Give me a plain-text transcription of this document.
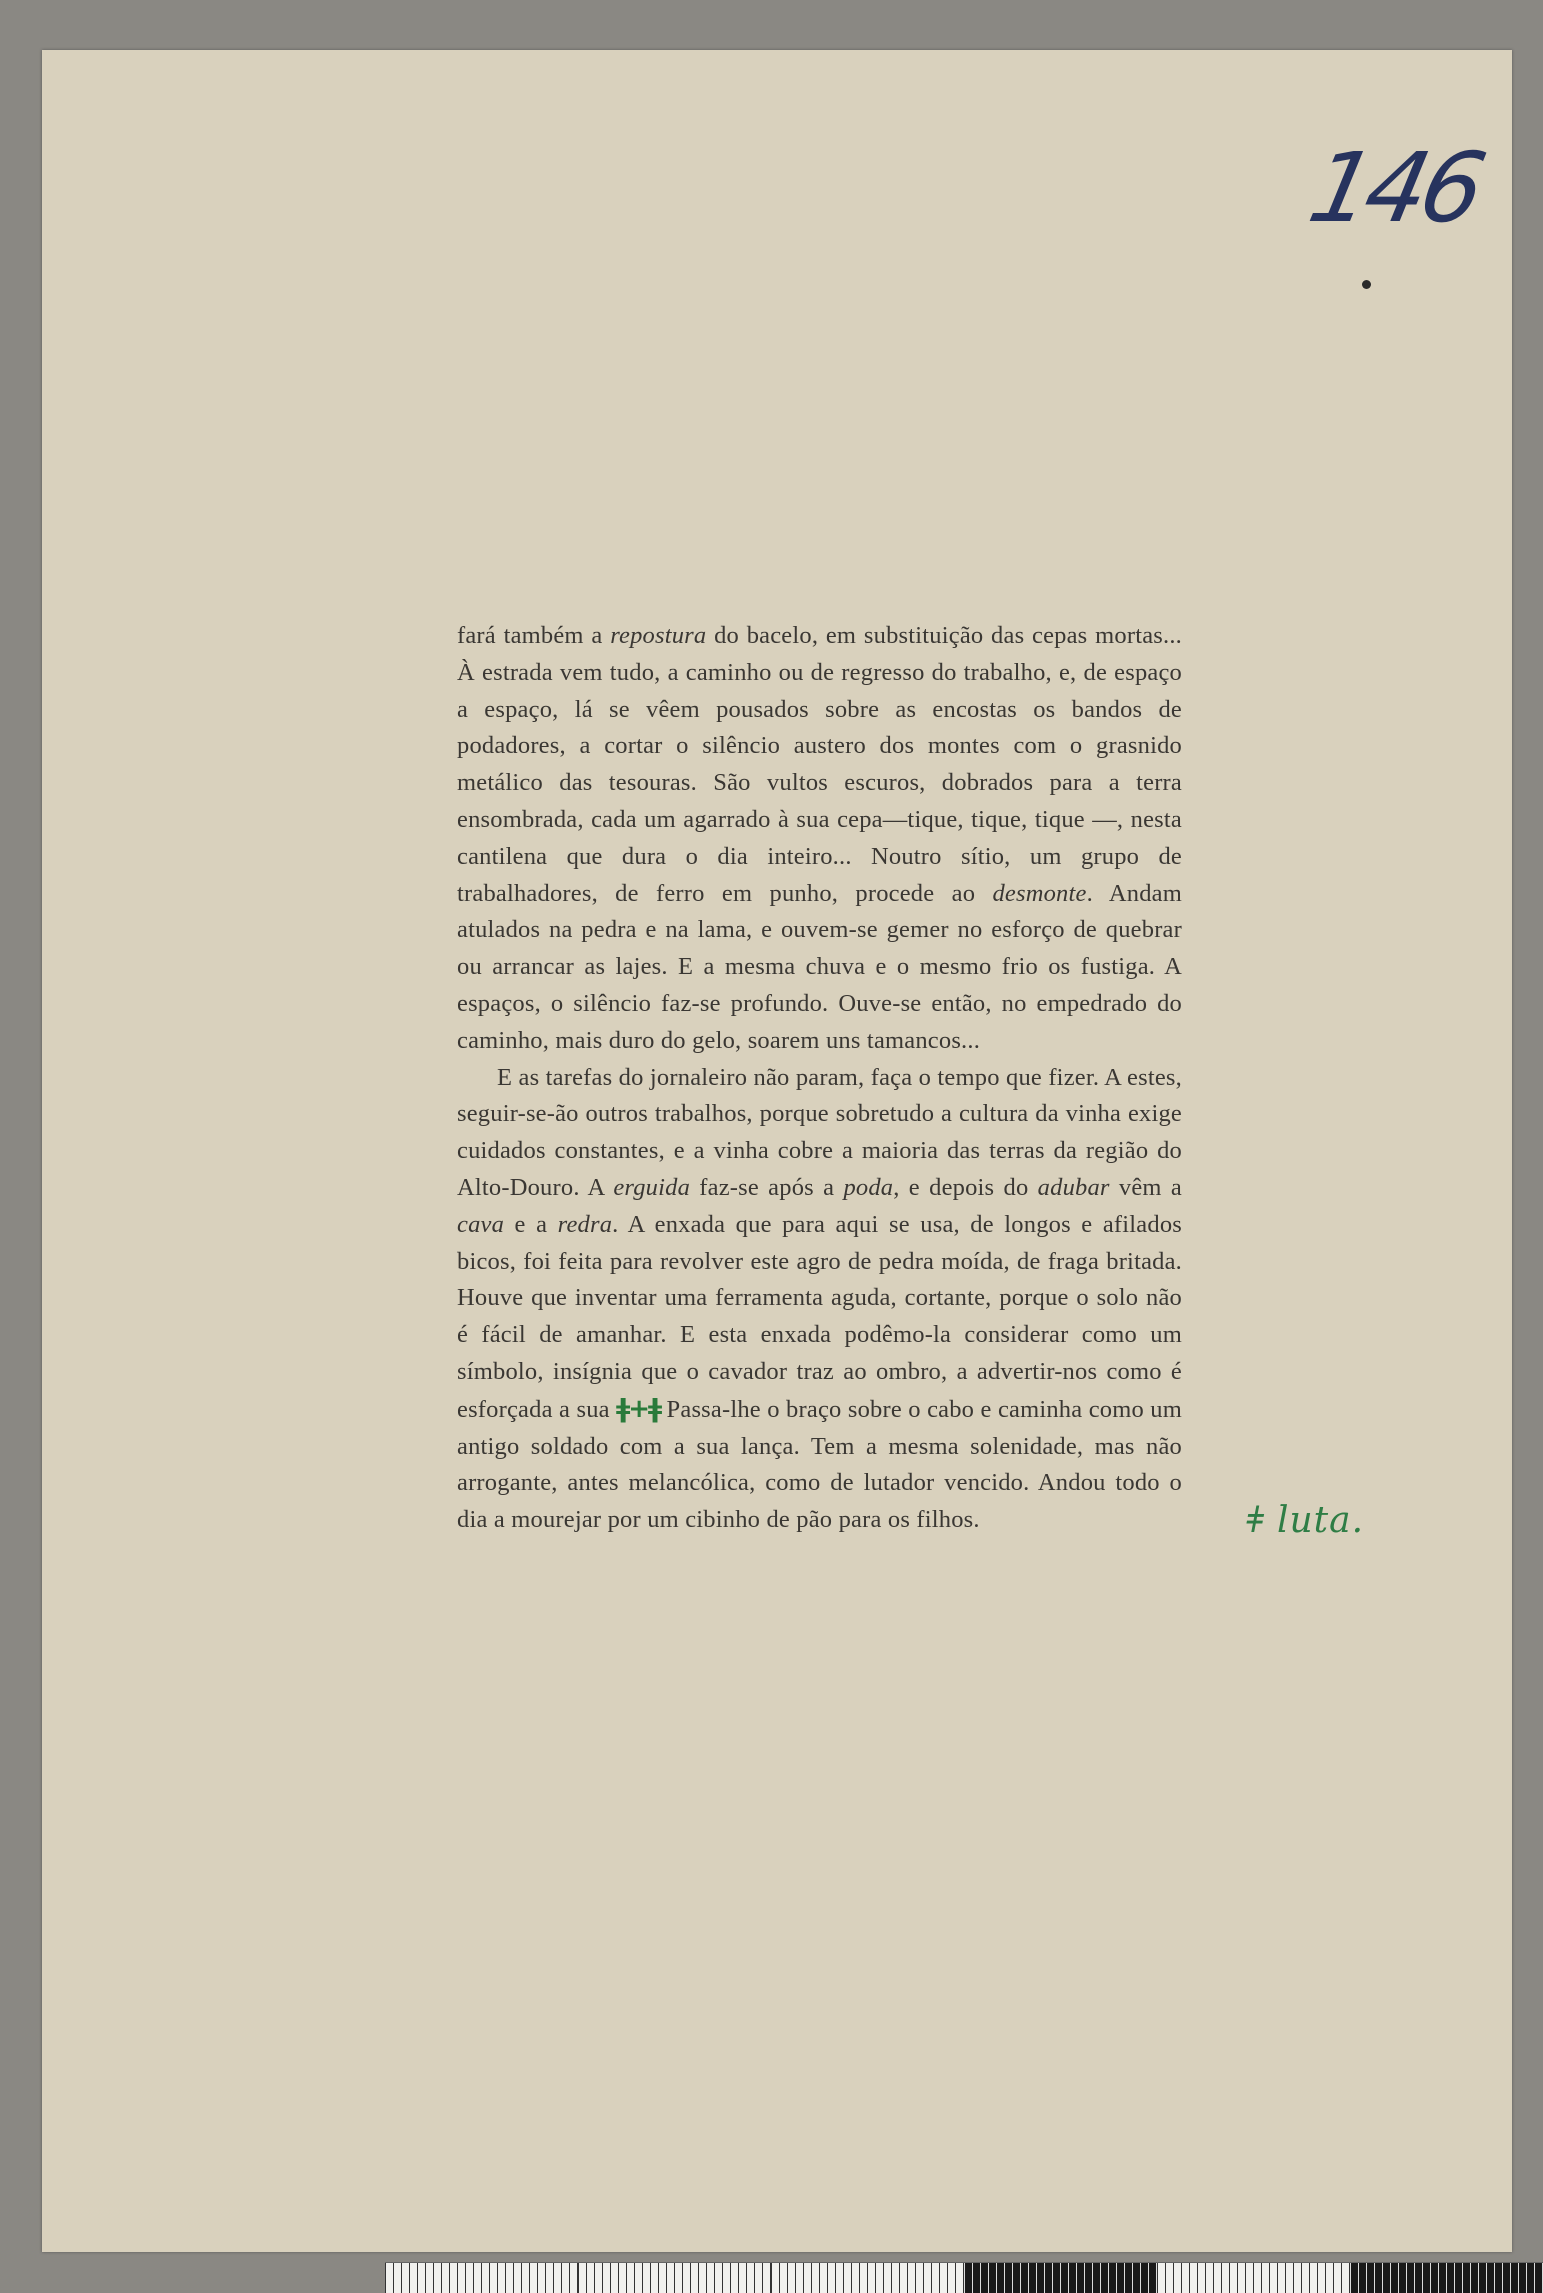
146

fará também a repostura do bacelo, em substituição das cepas mortas... À estrada vem tudo, a caminho ou de regresso do trabalho, e, de espaço a espaço, lá se vêem pousados sobre as encostas os bandos de podadores, a cortar o silêncio austero dos montes com o grasnido metálico das tesouras. São vultos escuros, dobrados para a terra ensombrada, cada um agarrado à sua cepa—tique, tique, tique —, nesta cantilena que dura o dia inteiro... Noutro sítio, um grupo de trabalhadores, de ferro em punho, procede ao desmonte. Andam atulados na pedra e na lama, e ouvem-se gemer no esforço de quebrar ou arrancar as lajes. E a mesma chuva e o mesmo frio os fustiga. A espaços, o silêncio faz-se profundo. Ouve-se então, no empedrado do caminho, mais duro do gelo, soarem uns tamancos...

E as tarefas do jornaleiro não param, faça o tempo que fizer. A estes, seguir-se-ão outros trabalhos, porque sobretudo a cultura da vinha exige cuidados constantes, e a vinha cobre a maioria das terras da região do Alto-Douro. A erguida faz-se após a poda, e depois do adubar vêm a cava e a redra. A enxada que para aqui se usa, de longos e afilados bicos, foi feita para revolver este agro de pedra moída, de fraga britada. Houve que inventar uma ferramenta aguda, cortante, porque o solo não é fácil de amanhar. E esta enxada podêmo-la considerar como um símbolo, insígnia que o cavador traz ao ombro, a advertir-nos como é esforçada a sua ǂ+ǂ Passa-lhe o braço sobre o cabo e caminha como um antigo soldado com a sua lança. Tem a mesma solenidade, mas não arrogante, antes melancólica, como de lutador vencido. Andou todo o dia a mourejar por um cibinho de pão para os filhos.	ǂ luta.
